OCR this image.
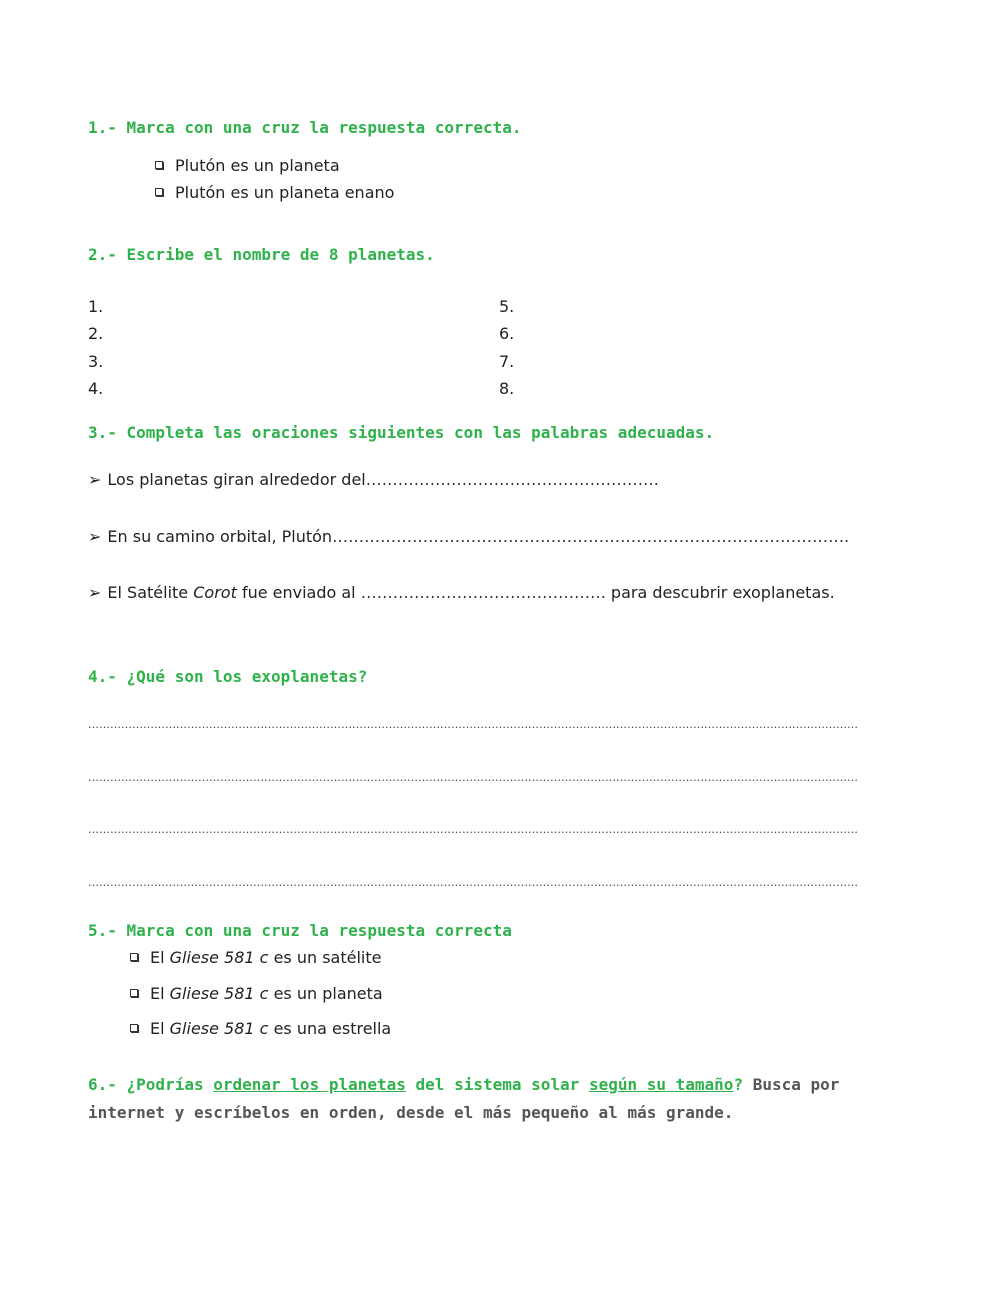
1.- Marca con una cruz la respuesta correcta.

Plutón es un planeta
Plutón es un planeta enano

2.- Escribe el nombre de 8 planetas.

1.
2.
3.
4.
5.
6.
7.
8.

3.- Completa las oraciones siguientes con las palabras adecuadas.

➢ Los planetas giran alrededor del……………………………………………….
➢ En su camino orbital, Plutón…………………………………………………………………………………….
➢ El Satélite Corot fue enviado al ………………………………………. para descubrir exoplanetas.

4.- ¿Qué son los exoplanetas?

…………………………………………………………………………………………………………………………………………………………………………………………
…………………………………………………………………………………………………………………………………………………………………………………………
…………………………………………………………………………………………………………………………………………………………………………………………
…………………………………………………………………………………………………………………………………………………………………………………………

5.- Marca con una cruz la respuesta correcta

El Gliese 581 c es un satélite
El Gliese 581 c es un planeta
El Gliese 581 c es una estrella

6.- ¿Podrías ordenar los planetas del sistema solar según su tamaño? Busca por internet y escríbelos en orden, desde el más pequeño al más grande.
